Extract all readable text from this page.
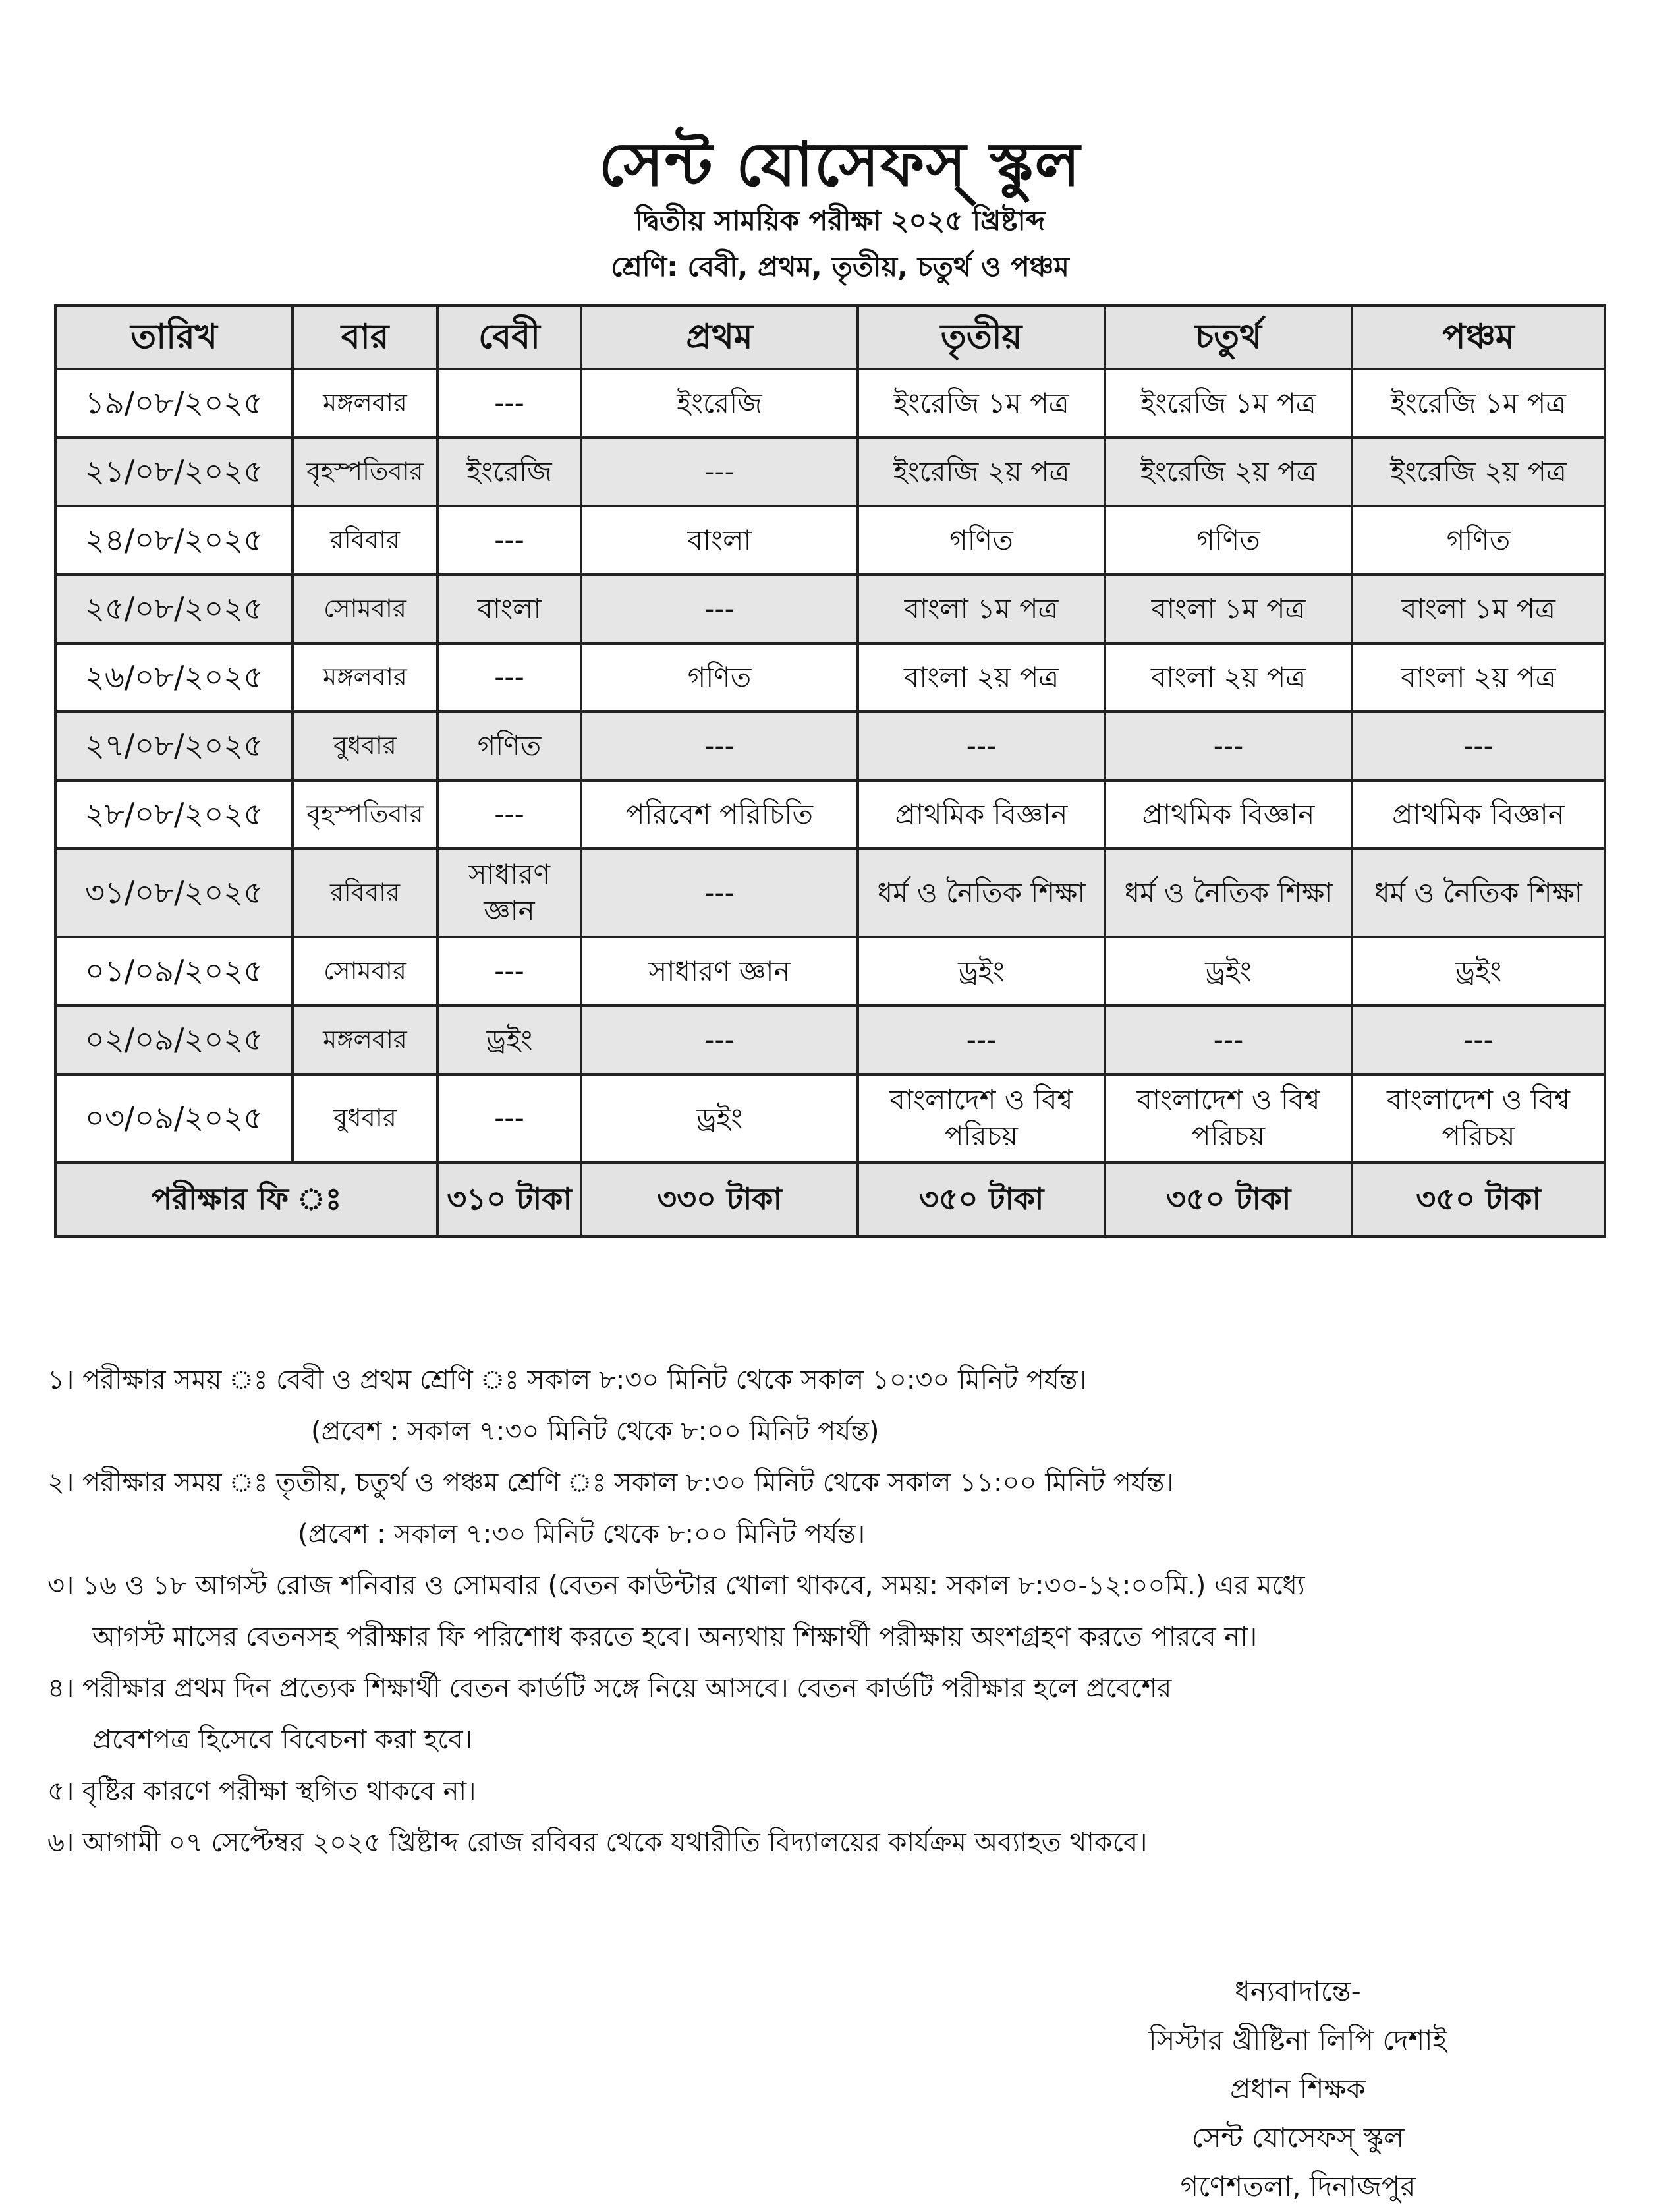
সেন্ট যোসেফস্ স্কুল
দ্বিতীয় সাময়িক পরীক্ষা ২০২৫ খ্রিষ্টাব্দ
শ্রেণি: বেবী, প্রথম, তৃতীয়, চতুর্থ ও পঞ্চম
তারিখ	বার	বেবী	প্রথম	তৃতীয়	চতুর্থ	পঞ্চম
১৯/০৮/২০২৫	মঙ্গলবার	---	ইংরেজি	ইংরেজি ১ম পত্র	ইংরেজি ১ম পত্র	ইংরেজি ১ম পত্র
২১/০৮/২০২৫	বৃহস্পতিবার	ইংরেজি	---	ইংরেজি ২য় পত্র	ইংরেজি ২য় পত্র	ইংরেজি ২য় পত্র
২৪/০৮/২০২৫	রবিবার	---	বাংলা	গণিত	গণিত	গণিত
২৫/০৮/২০২৫	সোমবার	বাংলা	---	বাংলা ১ম পত্র	বাংলা ১ম পত্র	বাংলা ১ম পত্র
২৬/০৮/২০২৫	মঙ্গলবার	---	গণিত	বাংলা ২য় পত্র	বাংলা ২য় পত্র	বাংলা ২য় পত্র
২৭/০৮/২০২৫	বুধবার	গণিত	---	---	---	---
২৮/০৮/২০২৫	বৃহস্পতিবার	---	পরিবেশ পরিচিতি	প্রাথমিক বিজ্ঞান	প্রাথমিক বিজ্ঞান	প্রাথমিক বিজ্ঞান
৩১/০৮/২০২৫	রবিবার	সাধারণ জ্ঞান	---	ধর্ম ও নৈতিক শিক্ষা	ধর্ম ও নৈতিক শিক্ষা	ধর্ম ও নৈতিক শিক্ষা
০১/০৯/২০২৫	সোমবার	---	সাধারণ জ্ঞান	ড্রইং	ড্রইং	ড্রইং
০২/০৯/২০২৫	মঙ্গলবার	ড্রইং	---	---	---	---
০৩/০৯/২০২৫	বুধবার	---	ড্রইং	বাংলাদেশ ও বিশ্ব পরিচয়	বাংলাদেশ ও বিশ্ব পরিচয়	বাংলাদেশ ও বিশ্ব পরিচয়
পরীক্ষার ফি ঃ		৩১০ টাকা	৩৩০ টাকা	৩৫০ টাকা	৩৫০ টাকা	৩৫০ টাকা
১। পরীক্ষার সময় ঃ বেবী ও প্রথম শ্রেণি ঃ সকাল ৮:৩০ মিনিট থেকে সকাল ১০:৩০ মিনিট পর্যন্ত।
(প্রবেশ : সকাল ৭:৩০ মিনিট থেকে ৮:০০ মিনিট পর্যন্ত)
২। পরীক্ষার সময় ঃ তৃতীয়, চতুর্থ ও পঞ্চম শ্রেণি ঃ সকাল ৮:৩০ মিনিট থেকে সকাল ১১:০০ মিনিট পর্যন্ত।
(প্রবেশ : সকাল ৭:৩০ মিনিট থেকে ৮:০০ মিনিট পর্যন্ত।
৩। ১৬ ও ১৮ আগস্ট রোজ শনিবার ও সোমবার (বেতন কাউন্টার খোলা থাকবে, সময়: সকাল ৮:৩০-১২:০০মি.) এর মধ্যে
আগস্ট মাসের বেতনসহ পরীক্ষার ফি পরিশোধ করতে হবে। অন্যথায় শিক্ষার্থী পরীক্ষায় অংশগ্রহণ করতে পারবে না।
৪। পরীক্ষার প্রথম দিন প্রত্যেক শিক্ষার্থী বেতন কার্ডটি সঙ্গে নিয়ে আসবে। বেতন কার্ডটি পরীক্ষার হলে প্রবেশের
প্রবেশপত্র হিসেবে বিবেচনা করা হবে।
৫। বৃষ্টির কারণে পরীক্ষা স্থগিত থাকবে না।
৬। আগামী ০৭ সেপ্টেম্বর ২০২৫ খ্রিষ্টাব্দ রোজ রবিবর থেকে যথারীতি বিদ্যালয়ের কার্যক্রম অব্যাহত থাকবে।
ধন্যবাদান্তে-
সিস্টার খ্রীষ্টিনা লিপি দেশাই
প্রধান শিক্ষক
সেন্ট যোসেফস্ স্কুল
গণেশতলা, দিনাজপুর
